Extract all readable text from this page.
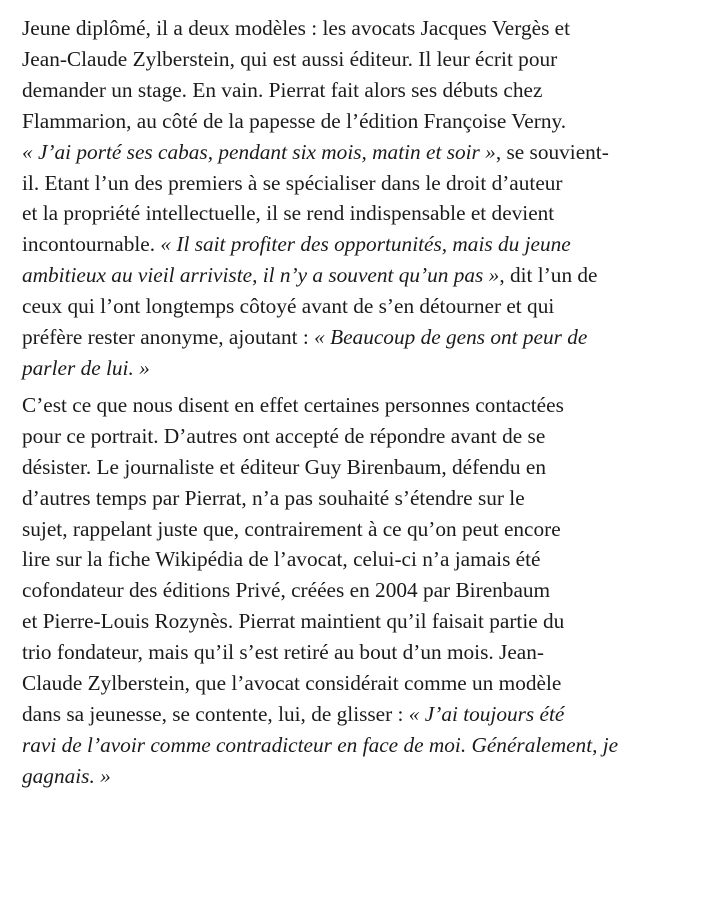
Jeune diplômé, il a deux modèles : les avocats Jacques Vergès et
Jean-Claude Zylberstein, qui est aussi éditeur. Il leur écrit pour
demander un stage. En vain. Pierrat fait alors ses débuts chez
Flammarion, au côté de la papesse de l’édition Françoise Verny.
« J’ai porté ses cabas, pendant six mois, matin et soir », se souvient-
il. Etant l’un des premiers à se spécialiser dans le droit d’auteur
et la propriété intellectuelle, il se rend indispensable et devient
incontournable. « Il sait profiter des opportunités, mais du jeune
ambitieux au vieil arriviste, il n’y a souvent qu’un pas », dit l’un de
ceux qui l’ont longtemps côtoyé avant de s’en détourner et qui
préfère rester anonyme, ajoutant : « Beaucoup de gens ont peur de
parler de lui. »
C’est ce que nous disent en effet certaines personnes contactées
pour ce portrait. D’autres ont accepté de répondre avant de se
désister. Le journaliste et éditeur Guy Birenbaum, défendu en
d’autres temps par Pierrat, n’a pas souhaité s’étendre sur le
sujet, rappelant juste que, contrairement à ce qu’on peut encore
lire sur la fiche Wikipédia de l’avocat, celui-ci n’a jamais été
cofondateur des éditions Privé, créées en 2004 par Birenbaum
et Pierre-Louis Rozynès. Pierrat maintient qu’il faisait partie du
trio fondateur, mais qu’il s’est retiré au bout d’un mois. Jean-
Claude Zylberstein, que l’avocat considérait comme un modèle
dans sa jeunesse, se contente, lui, de glisser : « J’ai toujours été
ravi de l’avoir comme contradicteur en face de moi. Généralement, je
gagnais. »
